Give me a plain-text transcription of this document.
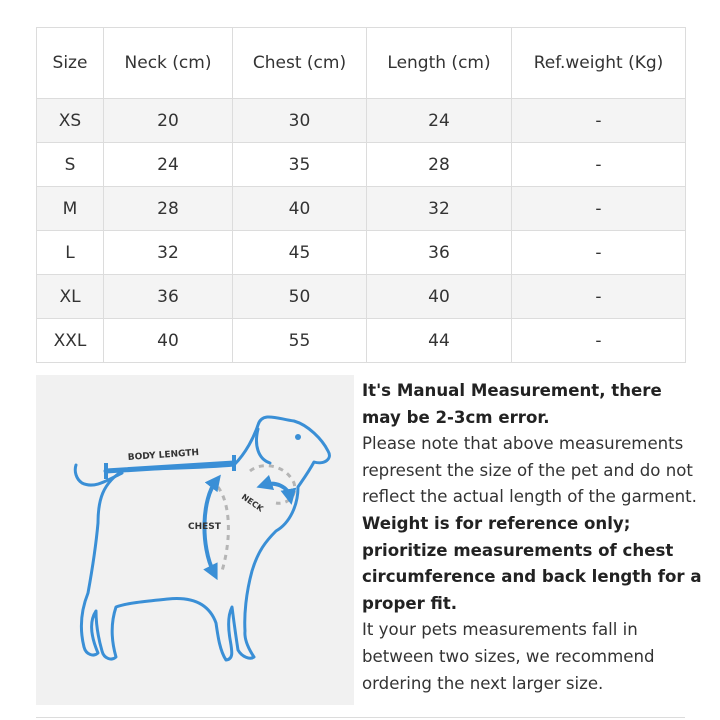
Size	Neck (cm)	Chest (cm)	Length (cm)	Ref.weight (Kg)
XS	20	30	24	-
S	24	35	28	-
M	28	40	32	-
L	32	45	36	-
XL	36	50	40	-
XXL	40	55	44	-
BODY LENGTH
NECK
CHEST

It's Manual Measurement, there may be 2-3cm error.

Please note that above measurements represent the size of the pet and do not reflect the actual length of the garment.

Weight is for reference only; prioritize measurements of chest circumference and back length for a proper fit.

It your pets measurements fall in between two sizes, we recommend ordering the next larger size.
